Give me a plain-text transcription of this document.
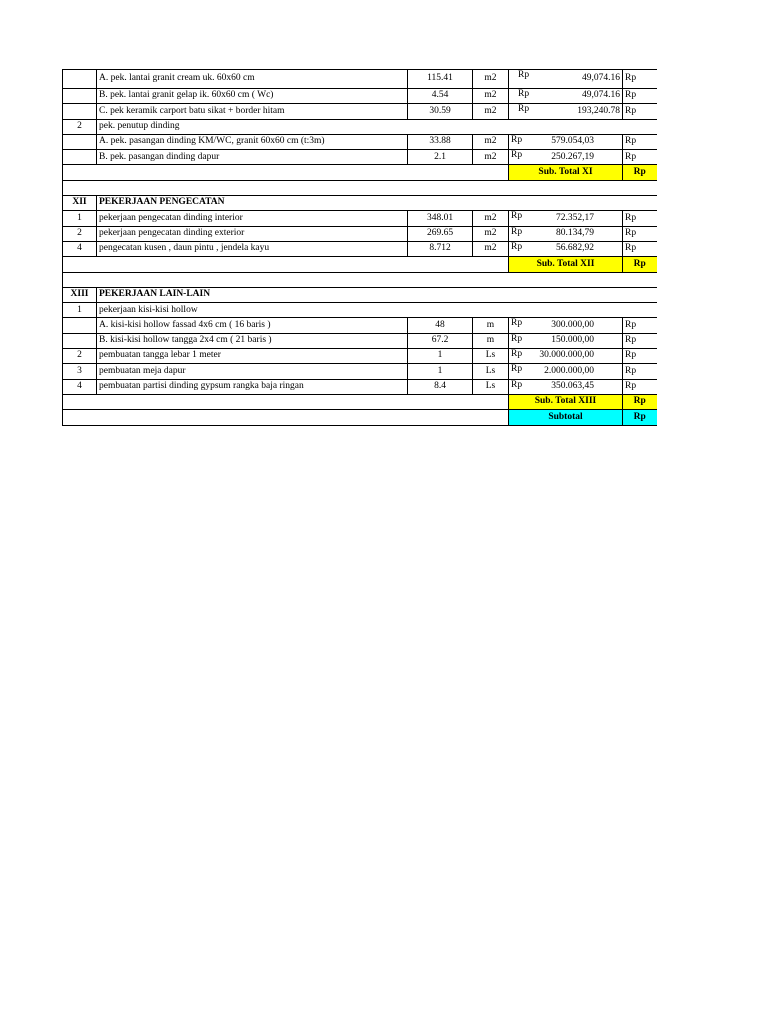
	A. pek. lantai granit cream uk. 60x60 cm	115.41	m2	Rp 49,074.16	Rp
	B. pek. lantai granit gelap ik. 60x60 cm ( Wc)	4.54	m2	Rp 49,074.16	Rp
	C. pek keramik carport batu sikat + border hitam	30.59	m2	Rp 193,240.78	Rp
2	pek. penutup dinding				
	A. pek. pasangan dinding KM/WC, granit 60x60 cm (t:3m)	33.88	m2	Rp 579.054,03	Rp
	B. pek. pasangan dinding dapur	2.1	m2	Rp 250.267,19	Rp
				Sub. Total XI	Rp

XII	PEKERJAAN PENGECATAN				
1	pekerjaan pengecatan dinding interior	348.01	m2	Rp 72.352,17	Rp
2	pekerjaan pengecatan dinding exterior	269.65	m2	Rp 80.134,79	Rp
4	pengecatan kusen , daun pintu , jendela kayu	8.712	m2	Rp 56.682,92	Rp
				Sub. Total XII	Rp

XIII	PEKERJAAN LAIN-LAIN				
1	pekerjaan kisi-kisi hollow				
	A. kisi-kisi hollow fassad 4x6 cm ( 16 baris )	48	m	Rp 300.000,00	Rp
	B. kisi-kisi hollow tangga 2x4 cm ( 21 baris )	67.2	m	Rp 150.000,00	Rp
2	pembuatan tangga lebar 1 meter	1	Ls	Rp 30.000.000,00	Rp
3	pembuatan meja dapur	1	Ls	Rp 2.000.000,00	Rp
4	pembuatan partisi dinding gypsum rangka baja ringan	8.4	Ls	Rp 350.063,45	Rp
				Sub. Total XIII	Rp
				Subtotal	Rp
